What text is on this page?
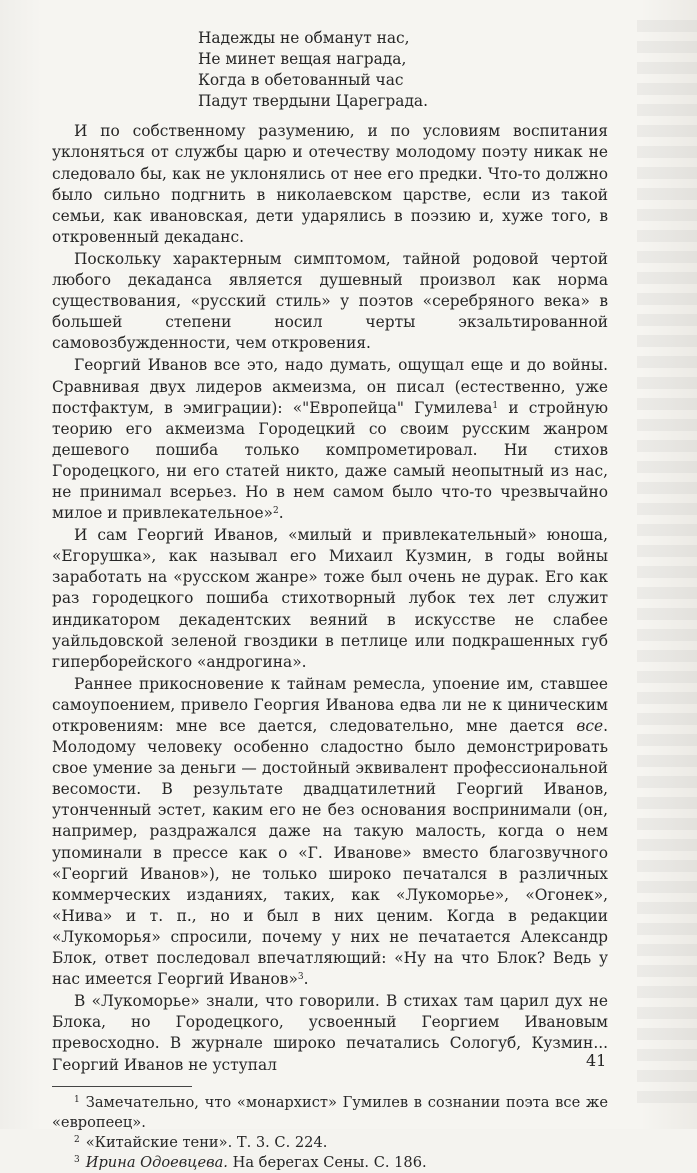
Надежды не обманут нас,
Не минет вещая награда,
Когда в обетованный час
Падут твердыни Цареграда.

И по собственному разумению, и по условиям воспитания уклоняться от службы царю и отечеству молодому поэту никак не следовало бы, как не уклонялись от нее его предки. Что-то должно было сильно подгнить в николаевском царстве, если из такой семьи, как ивановская, дети ударялись в поэзию и, хуже того, в откровенный декаданс.

Поскольку характерным симптомом, тайной родовой чертой любого декаданса является душевный произвол как норма существования, «русский стиль» у поэтов «серебряного века» в большей степени носил черты экзальтированной самовозбужденности, чем откровения.

Георгий Иванов все это, надо думать, ощущал еще и до войны. Сравнивая двух лидеров акмеизма, он писал (естественно, уже постфактум, в эмиграции): «"Европейца" Гумилева$^1$ и стройную теорию его акмеизма Городецкий со своим русским жанром дешевого пошиба только компрометировал. Ни стихов Городецкого, ни его статей никто, даже самый неопытный из нас, не принимал всерьез. Но в нем самом было что-то чрезвычайно милое и привлекательное»$^2$.

И сам Георгий Иванов, «милый и привлекательный» юноша, «Егорушка», как называл его Михаил Кузмин, в годы войны заработать на «русском жанре» тоже был очень не дурак. Его как раз городецкого пошиба стихотворный лубок тех лет служит индикатором декадентских веяний в искусстве не слабее уайльдовской зеленой гвоздики в петлице или подкрашенных губ гиперборейского «андрогина».

Раннее прикосновение к тайнам ремесла, упоение им, ставшее самоупоением, привело Георгия Иванова едва ли не к циническим откровениям: мне все дается, следовательно, мне дается все. Молодому человеку особенно сладостно было демонстрировать свое умение за деньги — достойный эквивалент профессиональной весомости. В результате двадцатилетний Георгий Иванов, утонченный эстет, каким его не без основания воспринимали (он, например, раздражался даже на такую малость, когда о нем упоминали в прессе как о «Г. Иванове» вместо благозвучного «Георгий Иванов»), не только широко печатался в различных коммерческих изданиях, таких, как «Лукоморье», «Огонек», «Нива» и т. п., но и был в них ценим. Когда в редакции «Лукоморья» спросили, почему у них не печатается Александр Блок, ответ последовал впечатляющий: «Ну на что Блок? Ведь у нас имеется Георгий Иванов»$^3$.

В «Лукоморье» знали, что говорили. В стихах там царил дух не Блока, но Городецкого, усвоенный Георгием Ивановым превосходно. В журнале широко печатались Сологуб, Кузмин... Георгий Иванов не уступал

$^1$ Замечательно, что «монархист» Гумилев в сознании поэта все же «европеец».
$^2$ «Китайские тени». Т. 3. С. 224.
$^3$ Ирина Одоевцева. На берегах Сены. С. 186.
41
